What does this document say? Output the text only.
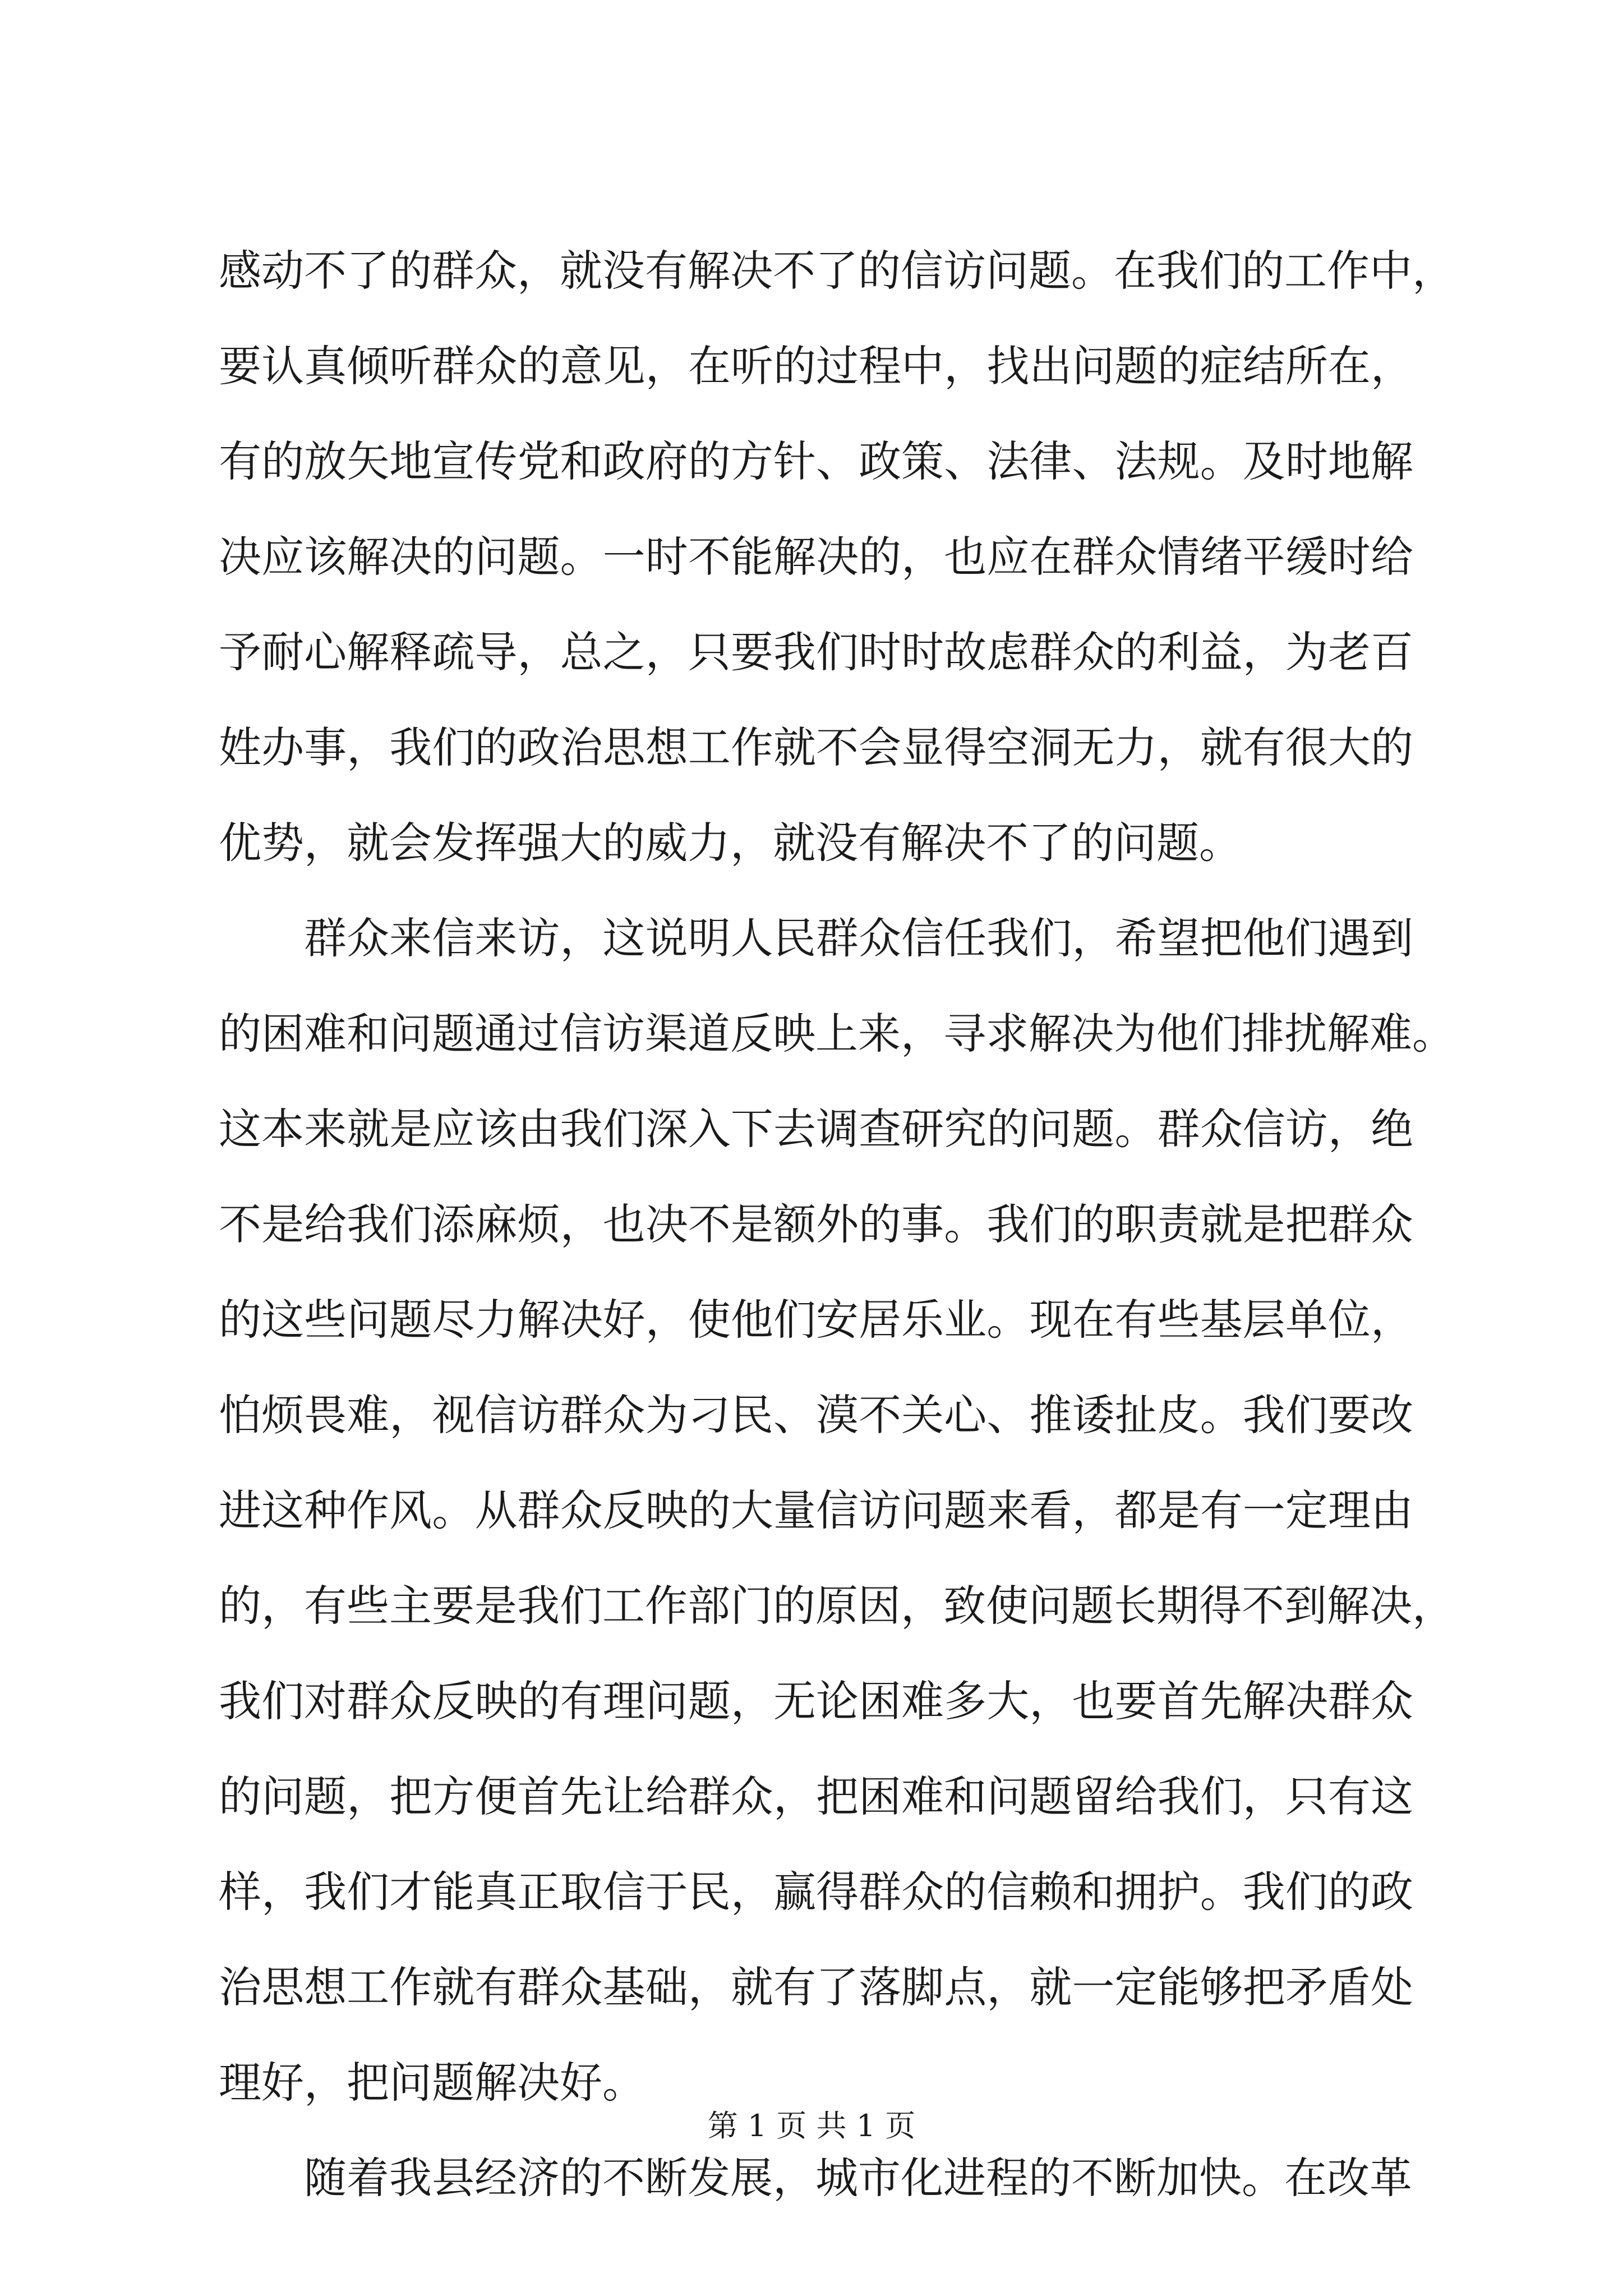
感动不了的群众，就没有解决不了的信访问题。在我们的工作中，
要认真倾听群众的意见，在听的过程中，找出问题的症结所在，
有的放矢地宣传党和政府的方针、政策、法律、法规。及时地解
决应该解决的问题。一时不能解决的，也应在群众情绪平缓时给
予耐心解释疏导，总之，只要我们时时故虑群众的利益，为老百
姓办事，我们的政治思想工作就不会显得空洞无力，就有很大的
优势，就会发挥强大的威力，就没有解决不了的问题。
群众来信来访，这说明人民群众信任我们，希望把他们遇到
的困难和问题通过信访渠道反映上来，寻求解决为他们排扰解难。
这本来就是应该由我们深入下去调查研究的问题。群众信访，绝
不是给我们添麻烦，也决不是额外的事。我们的职责就是把群众
的这些问题尽力解决好，使他们安居乐业。现在有些基层单位，
怕烦畏难，视信访群众为刁民、漠不关心、推诿扯皮。我们要改
进这种作风。从群众反映的大量信访问题来看，都是有一定理由
的，有些主要是我们工作部门的原因，致使问题长期得不到解决，
我们对群众反映的有理问题，无论困难多大，也要首先解决群众
的问题，把方便首先让给群众，把困难和问题留给我们，只有这
样，我们才能真正取信于民，赢得群众的信赖和拥护。我们的政
治思想工作就有群众基础，就有了落脚点，就一定能够把矛盾处
理好，把问题解决好。
随着我县经济的不断发展，城市化进程的不断加快。在改革
第 1 页 共 1 页
